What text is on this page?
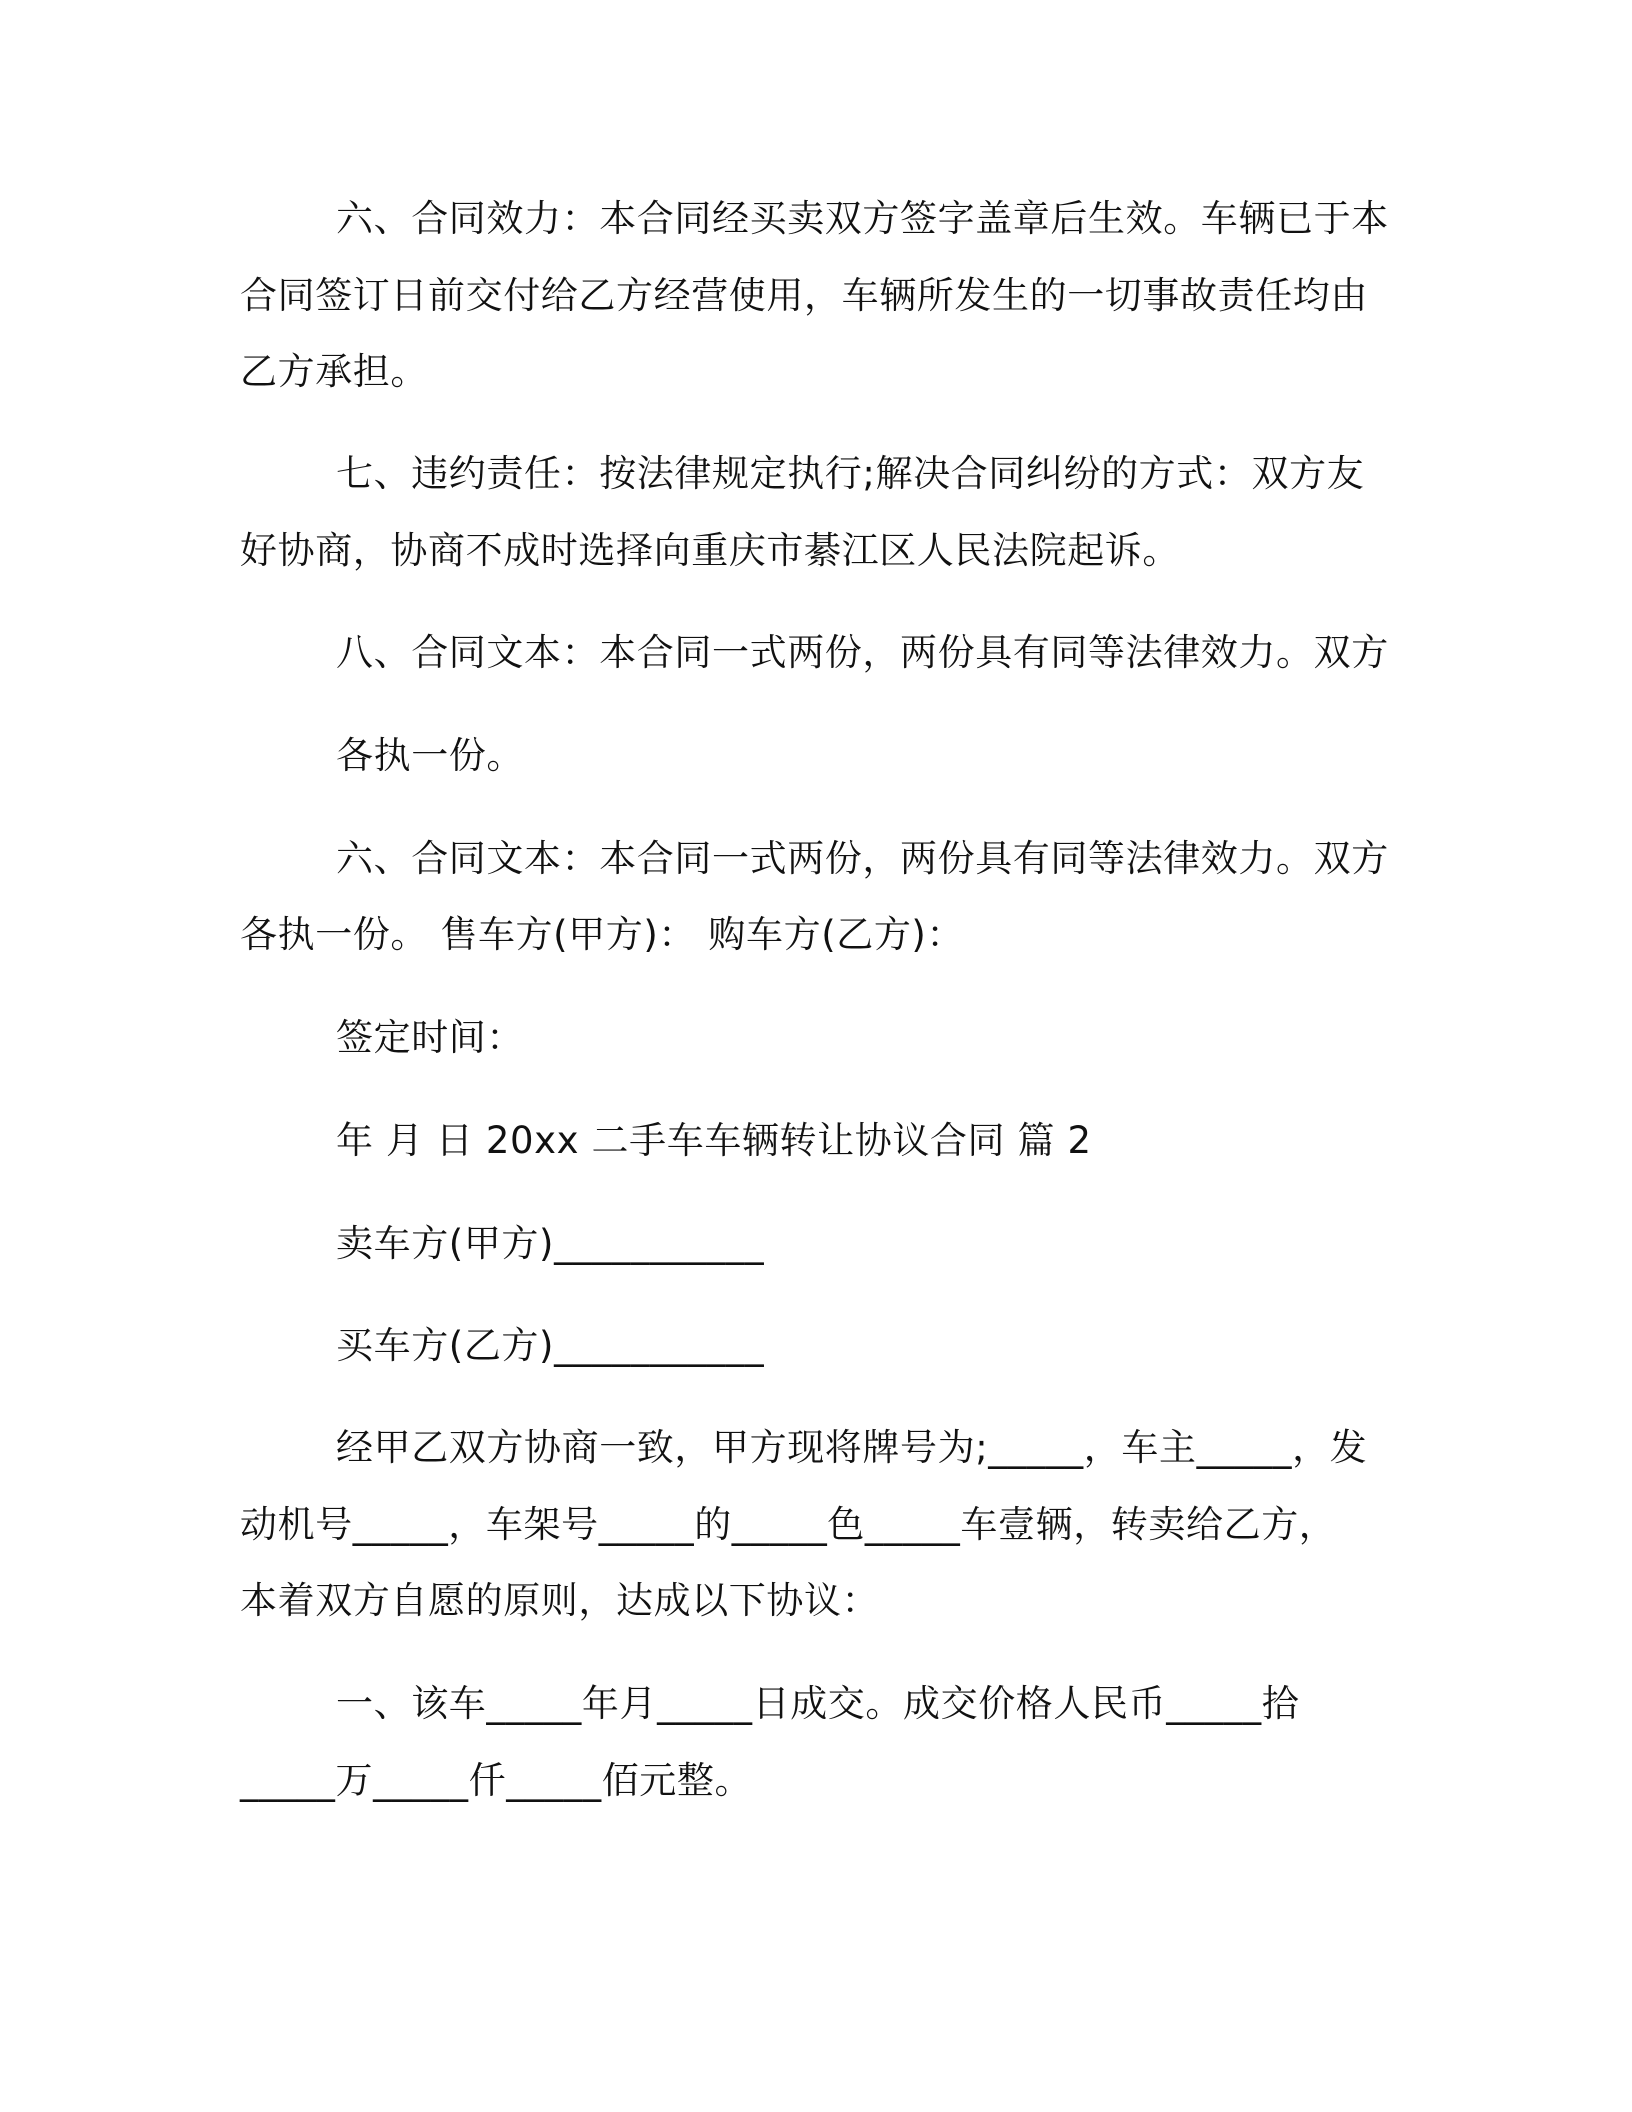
六、合同效力：本合同经买卖双方签字盖章后生效。车辆已于本

合同签订日前交付给乙方经营使用，车辆所发生的一切事故责任均由

乙方承担。

七、违约责任：按法律规定执行;解决合同纠纷的方式：双方友

好协商，协商不成时选择向重庆市綦江区人民法院起诉。

八、合同文本：本合同一式两份，两份具有同等法律效力。双方

各执一份。

六、合同文本：本合同一式两份，两份具有同等法律效力。双方

各执一份。 售车方(甲方)： 购车方(乙方)：

签定时间：

年 月 日 20xx 二手车车辆转让协议合同 篇 2

卖车方(甲方)___________

买车方(乙方)___________

经甲乙双方协商一致，甲方现将牌号为;_____，车主_____，发

动机号_____，车架号_____的_____色_____车壹辆，转卖给乙方，

本着双方自愿的原则，达成以下协议：

一、该车_____年月_____日成交。成交价格人民币_____拾

_____万_____仟_____佰元整。
